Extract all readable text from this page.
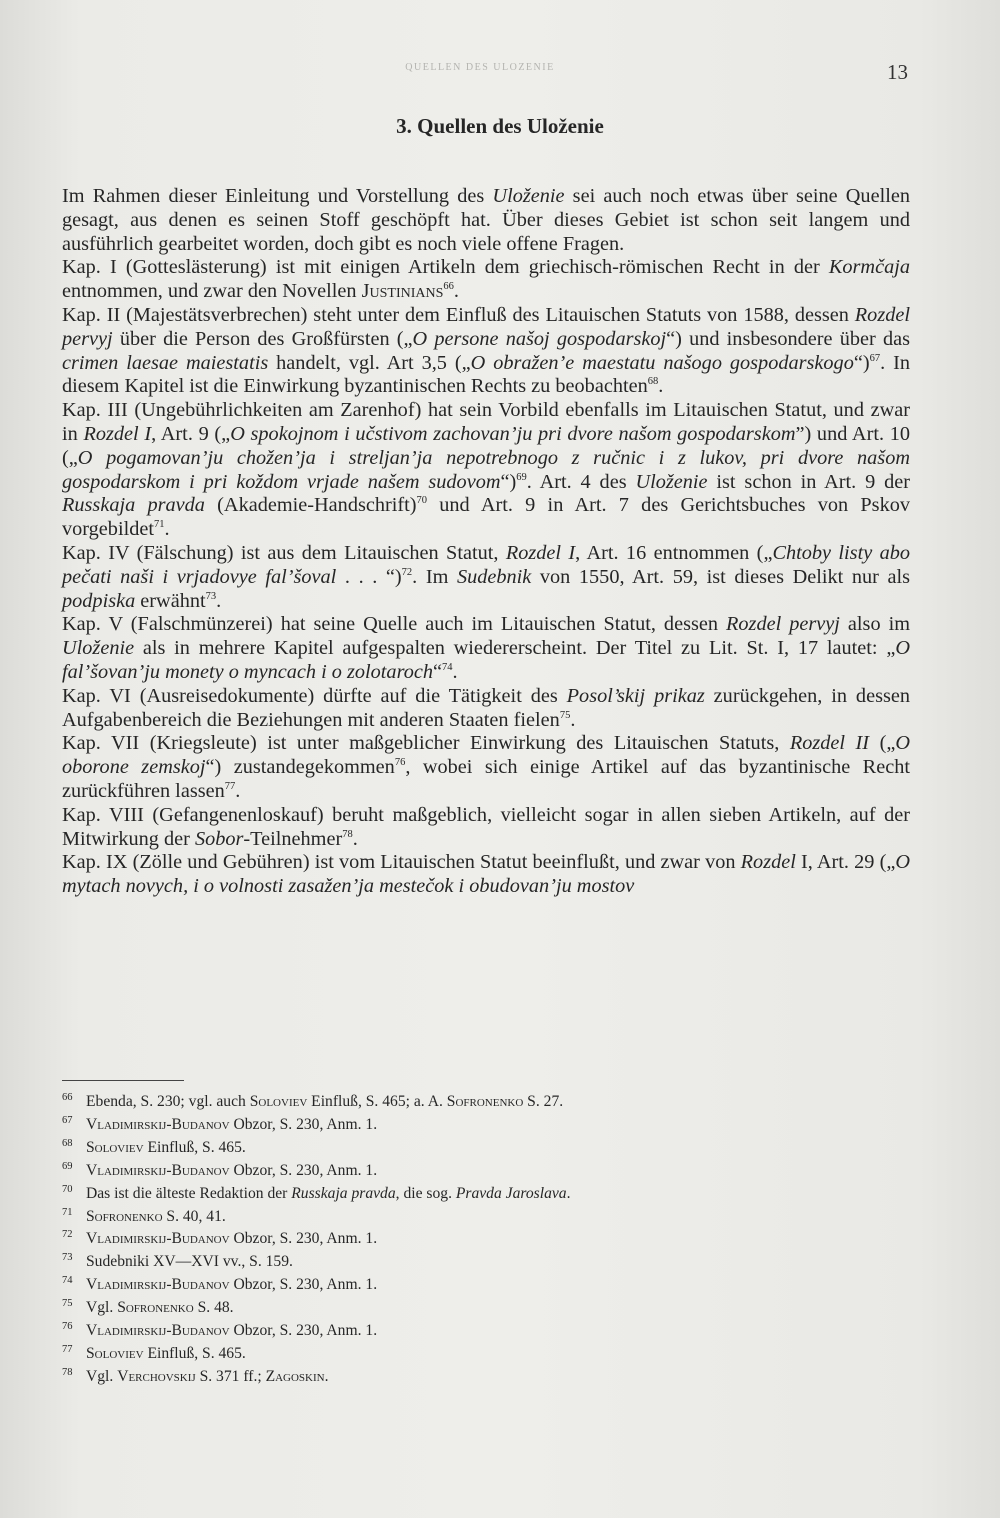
QUELLEN DES ULOZENIE	13
3. Quellen des Uloženie

Im Rahmen dieser Einleitung und Vorstellung des Uloženie sei auch noch etwas über seine Quellen gesagt, aus denen es seinen Stoff geschöpft hat. Über dieses Gebiet ist schon seit langem und ausführlich gearbeitet worden, doch gibt es noch viele offene Fragen.

Kap. I (Gotteslästerung) ist mit einigen Artikeln dem griechisch-römischen Recht in der Kormčaja entnommen, und zwar den Novellen Justinians$^{66}$.

Kap. II (Majestätsverbrechen) steht unter dem Einfluß des Litauischen Statuts von 1588, dessen Rozdel pervyj über die Person des Großfürsten („O persone našoj gospodarskoj“) und insbesondere über das crimen laesae maiestatis handelt, vgl. Art 3,5 („O obražen’e maestatu našogo gospodarskogo“)$^{67}$. In diesem Kapitel ist die Einwirkung byzantinischen Rechts zu beobachten$^{68}$.

Kap. III (Ungebührlichkeiten am Zarenhof) hat sein Vorbild ebenfalls im Litauischen Statut, und zwar in Rozdel I, Art. 9 („O spokojnom i učstivom zachovan’ju pri dvore našom gospodarskom”) und Art. 10 („O pogamovan’ju chožen’ja i streljan’ja nepotrebnogo z ručnic i z lukov, pri dvore našom gospodarskom i pri koždom vrjade našem sudovom“)$^{69}$. Art. 4 des Uloženie ist schon in Art. 9 der Russkaja pravda (Akademie-Handschrift)$^{70}$ und Art. 9 in Art. 7 des Gerichtsbuches von Pskov vorgebildet$^{71}$.

Kap. IV (Fälschung) ist aus dem Litauischen Statut, Rozdel I, Art. 16 entnommen („Chtoby listy abo pečati naši i vrjadovye fal’šoval . . . “)$^{72}$. Im Sudebnik von 1550, Art. 59, ist dieses Delikt nur als podpiska erwähnt$^{73}$.

Kap. V (Falschmünzerei) hat seine Quelle auch im Litauischen Statut, dessen Rozdel pervyj also im Uloženie als in mehrere Kapitel aufgespalten wiedererscheint. Der Titel zu Lit. St. I, 17 lautet: „O fal’šovan’ju monety o myncach i o zolotaroch“$^{74}$.

Kap. VI (Ausreisedokumente) dürfte auf die Tätigkeit des Posol’skij prikaz zurückgehen, in dessen Aufgabenbereich die Beziehungen mit anderen Staaten fielen$^{75}$.

Kap. VII (Kriegsleute) ist unter maßgeblicher Einwirkung des Litauischen Statuts, Rozdel II („O oborone zemskoj“) zustandegekommen$^{76}$, wobei sich einige Artikel auf das byzantinische Recht zurückführen lassen$^{77}$.

Kap. VIII (Gefangenenloskauf) beruht maßgeblich, vielleicht sogar in allen sieben Artikeln, auf der Mitwirkung der Sobor-Teilnehmer$^{78}$.

Kap. IX (Zölle und Gebühren) ist vom Litauischen Statut beeinflußt, und zwar von Rozdel I, Art. 29 („O mytach novych, i o volnosti zasažen’ja mestečok i obudovan’ju mostov

66 Ebenda, S. 230; vgl. auch Soloviev Einfluß, S. 465; a. A. Sofronenko S. 27.
67 Vladimirskij-Budanov Obzor, S. 230, Anm. 1.
68 Soloviev Einfluß, S. 465.
69 Vladimirskij-Budanov Obzor, S. 230, Anm. 1.
70 Das ist die älteste Redaktion der Russkaja pravda, die sog. Pravda Jaroslava.
71 Sofronenko S. 40, 41.
72 Vladimirskij-Budanov Obzor, S. 230, Anm. 1.
73 Sudebniki XV—XVI vv., S. 159.
74 Vladimirskij-Budanov Obzor, S. 230, Anm. 1.
75 Vgl. Sofronenko S. 48.
76 Vladimirskij-Budanov Obzor, S. 230, Anm. 1.
77 Soloviev Einfluß, S. 465.
78 Vgl. Verchovskij S. 371 ff.; Zagoskin.
